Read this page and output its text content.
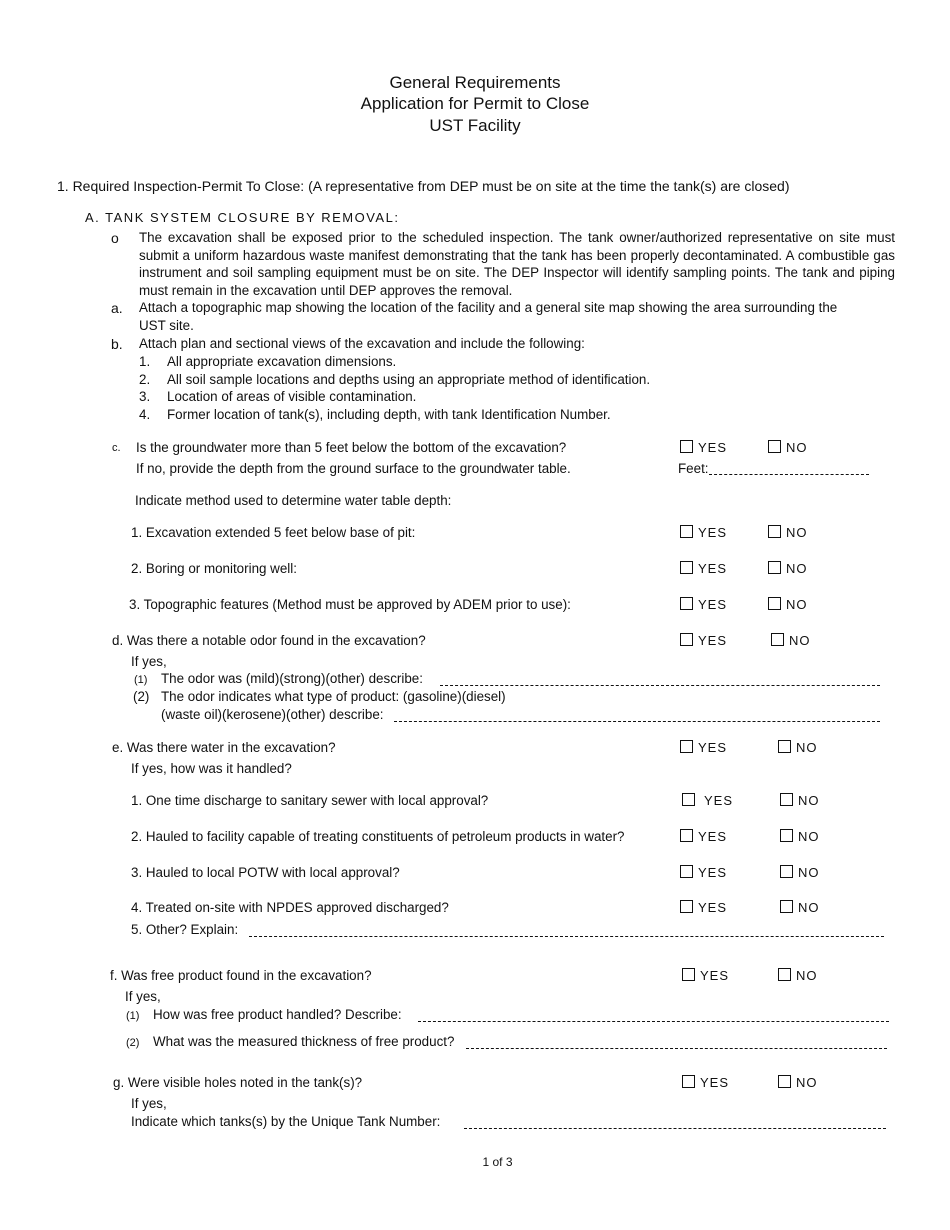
General Requirements
Application for Permit to Close
UST Facility
1. Required Inspection-Permit To Close: (A representative from DEP must be on site at the time the tank(s) are closed)
A. TANK SYSTEM CLOSURE BY REMOVAL:
o The excavation shall be exposed prior to the scheduled inspection. The tank owner/authorized representative on site must submit a uniform hazardous waste manifest demonstrating that the tank has been properly decontaminated. A combustible gas instrument and soil sampling equipment must be on site. The DEP Inspector will identify sampling points. The tank and piping must remain in the excavation until DEP approves the removal.
a. Attach a topographic map showing the location of the facility and a general site map showing the area surrounding the
UST site.
b. Attach plan and sectional views of the excavation and include the following:
1. All appropriate excavation dimensions.
2. All soil sample locations and depths using an appropriate method of identification.
3. Location of areas of visible contamination.
4. Former location of tank(s), including depth, with tank Identification Number.
c. Is the groundwater more than 5 feet below the bottom of the excavation?	YES	NO
If no, provide the depth from the ground surface to the groundwater table.	Feet:
Indicate method used to determine water table depth:
1. Excavation extended 5 feet below base of pit:	YES	NO
2. Boring or monitoring well:	YES	NO
3. Topographic features (Method must be approved by ADEM prior to use):	YES	NO
d. Was there a notable odor found in the excavation?	YES	NO
If yes,
(1) The odor was (mild)(strong)(other) describe:
(2) The odor indicates what type of product: (gasoline)(diesel)
(waste oil)(kerosene)(other) describe:
e. Was there water in the excavation?	YES	NO
If yes, how was it handled?
1. One time discharge to sanitary sewer with local approval?	YES	NO
2. Hauled to facility capable of treating constituents of petroleum products in water?	YES	NO
3. Hauled to local POTW with local approval?	YES	NO
4. Treated on-site with NPDES approved discharged?	YES	NO
5. Other? Explain:
f. Was free product found in the excavation?	YES	NO
If yes,
(1) How was free product handled? Describe:
(2) What was the measured thickness of free product?
g. Were visible holes noted in the tank(s)?	YES	NO
If yes,
Indicate which tanks(s) by the Unique Tank Number:
1 of 3
